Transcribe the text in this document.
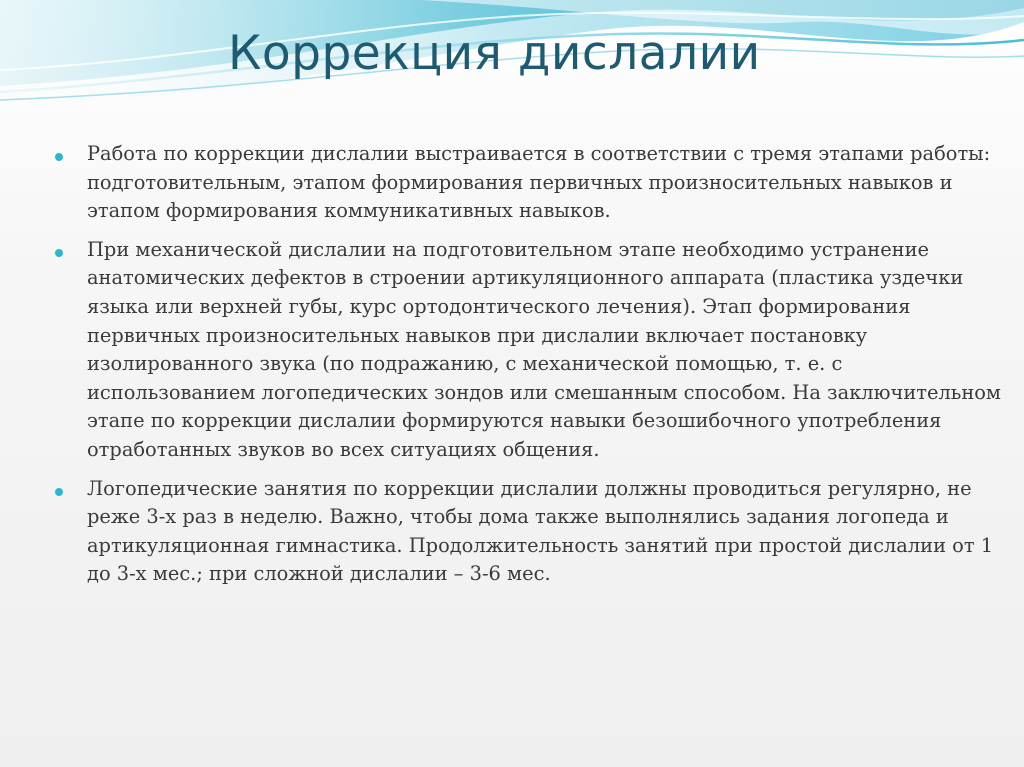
Коррекция дислалии
Работа по коррекции дислалии выстраивается в соответствии с тремя этапами работы: подготовительным, этапом формирования первичных произносительных навыков и этапом формирования коммуникативных навыков.
При механической дислалии на подготовительном этапе необходимо устранение анатомических дефектов в строении артикуляционного аппарата (пластика уздечки языка или верхней губы, курс ортодонтического лечения). Этап формирования первичных произносительных навыков при дислалии включает постановку изолированного звука (по подражанию, с механической помощью, т. е. с использованием логопедических зондов или смешанным способом. На заключительном этапе по коррекции дислалии формируются навыки безошибочного употребления отработанных звуков во всех ситуациях общения.
Логопедические занятия по коррекции дислалии должны проводиться регулярно, не реже 3-х раз в неделю. Важно, чтобы дома также выполнялись задания логопеда и артикуляционная гимнастика. Продолжительность занятий при простой дислалии от 1 до 3-х мес.; при сложной дислалии – 3-6 мес.
